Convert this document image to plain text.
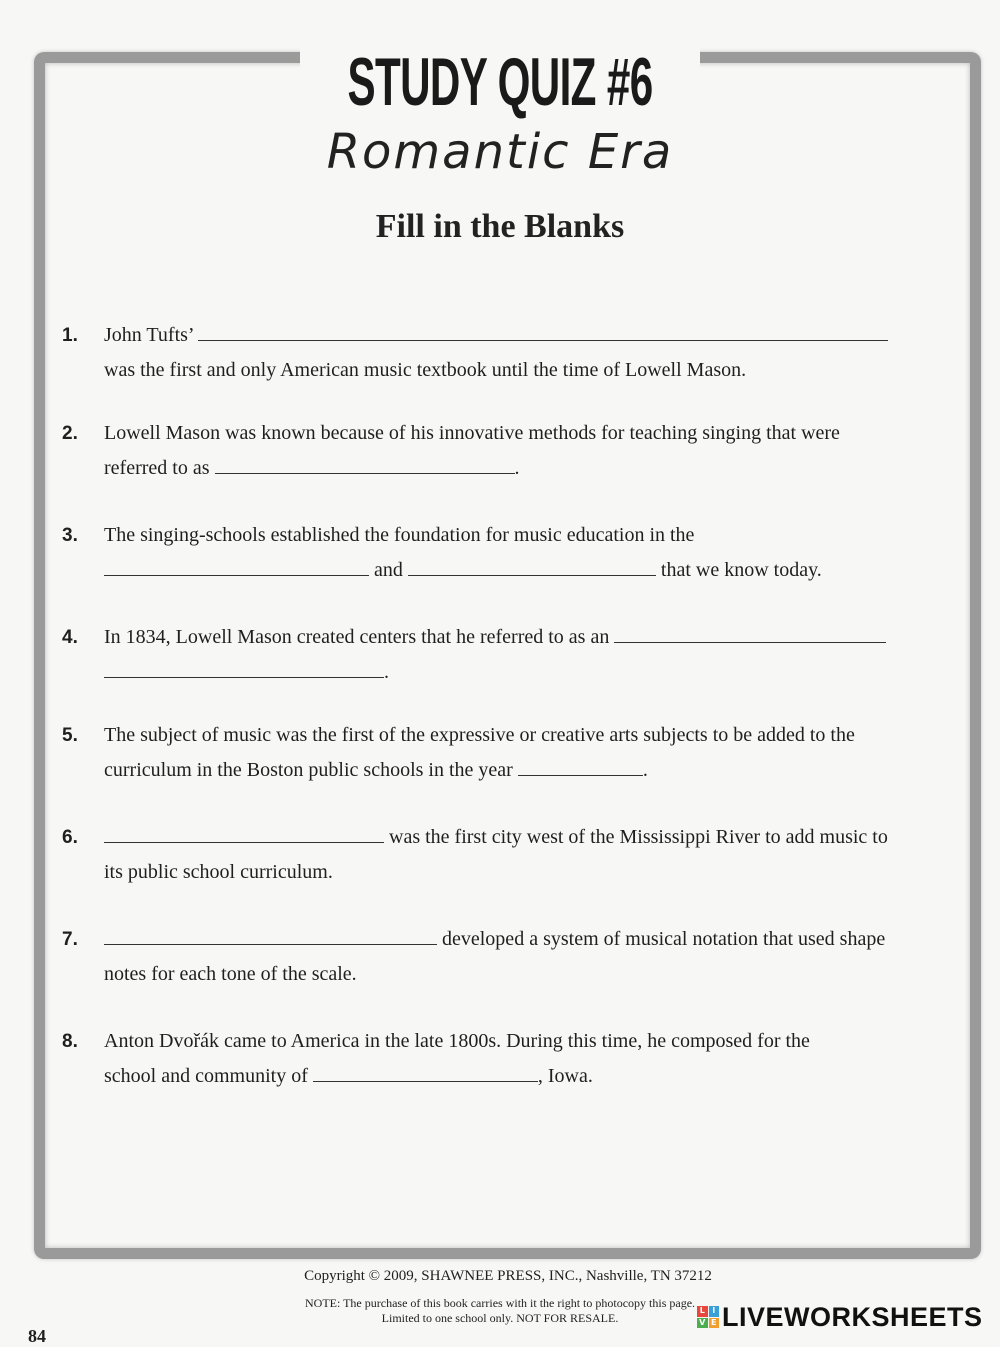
STUDY QUIZ #6
Romantic Era
Fill in the Blanks
1. John Tufts’
was the first and only American music textbook until the time of Lowell Mason.
2. Lowell Mason was known because of his innovative methods for teaching singing that were
referred to as	.
3. The singing-schools established the foundation for music education in the
and	that we know today.
4. In 1834, Lowell Mason created centers that he referred to as an
.
5. The subject of music was the first of the expressive or creative arts subjects to be added to the
curriculum in the Boston public schools in the year	.
6.	was the first city west of the Mississippi River to add music to
its public school curriculum.
7.	developed a system of musical notation that used shape
notes for each tone of the scale.
8. Anton Dvořák came to America in the late 1800s. During this time, he composed for the
school and community of	, Iowa.
Copyright © 2009, SHAWNEE PRESS, INC., Nashville, TN 37212
NOTE: The purchase of this book carries with it the right to photocopy this page.
Limited to one school only. NOT FOR RESALE.
84
L I
V E LIVEWORKSHEETS
